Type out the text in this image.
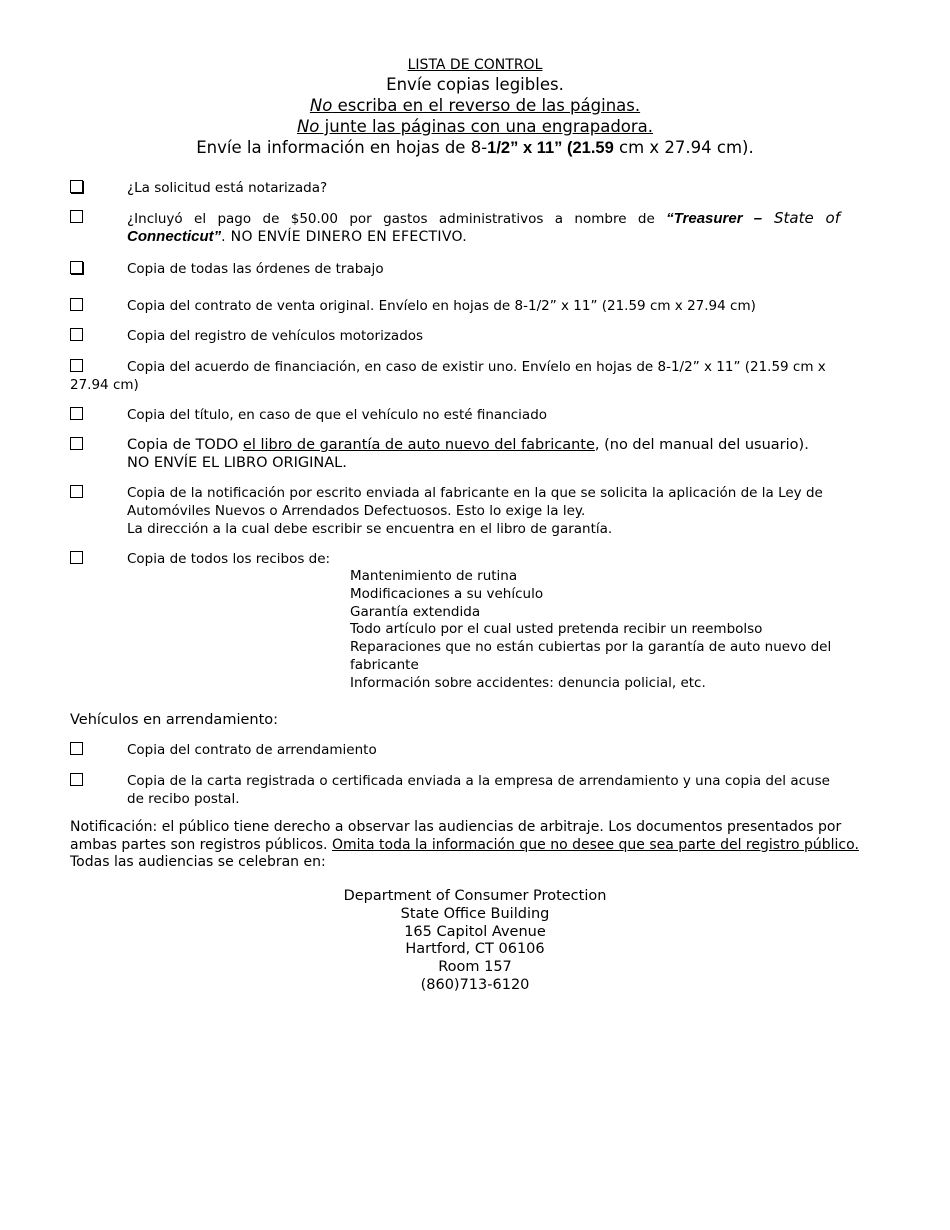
LISTA DE CONTROL
Envíe copias legibles.
No escriba en el reverso de las páginas.
No junte las páginas con una engrapadora.
Envíe la información en hojas de 8-1/2” x 11” (21.59 cm x 27.94 cm).
¿La solicitud está notarizada?
¿Incluyó el pago de $50.00 por gastos administrativos a nombre de “Treasurer – State of
Connecticut”. NO ENVÍE DINERO EN EFECTIVO.
Copia de todas las órdenes de trabajo
Copia del contrato de venta original. Envíelo en hojas de 8-1/2” x 11” (21.59 cm x 27.94 cm)
Copia del registro de vehículos motorizados
Copia del acuerdo de financiación, en caso de existir uno. Envíelo en hojas de 8-1/2” x 11” (21.59 cm x 27.94 cm)
Copia del título, en caso de que el vehículo no esté financiado
Copia de TODO el libro de garantía de auto nuevo del fabricante, (no del manual del usuario).
NO ENVÍE EL LIBRO ORIGINAL.
Copia de la notificación por escrito enviada al fabricante en la que se solicita la aplicación de la Ley de Automóviles Nuevos o Arrendados Defectuosos. Esto lo exige la ley.
La dirección a la cual debe escribir se encuentra en el libro de garantía.
Copia de todos los recibos de:
Mantenimiento de rutina
Modificaciones a su vehículo
Garantía extendida
Todo artículo por el cual usted pretenda recibir un reembolso
Reparaciones que no están cubiertas por la garantía de auto nuevo del fabricante
Información sobre accidentes: denuncia policial, etc.
Vehículos en arrendamiento:
Copia del contrato de arrendamiento
Copia de la carta registrada o certificada enviada a la empresa de arrendamiento y una copia del acuse de recibo postal.
Notificación: el público tiene derecho a observar las audiencias de arbitraje. Los documentos presentados por ambas partes son registros públicos. Omita toda la información que no desee que sea parte del registro público. Todas las audiencias se celebran en:
Department of Consumer Protection
State Office Building
165 Capitol Avenue
Hartford, CT 06106
Room 157
(860)713-6120
